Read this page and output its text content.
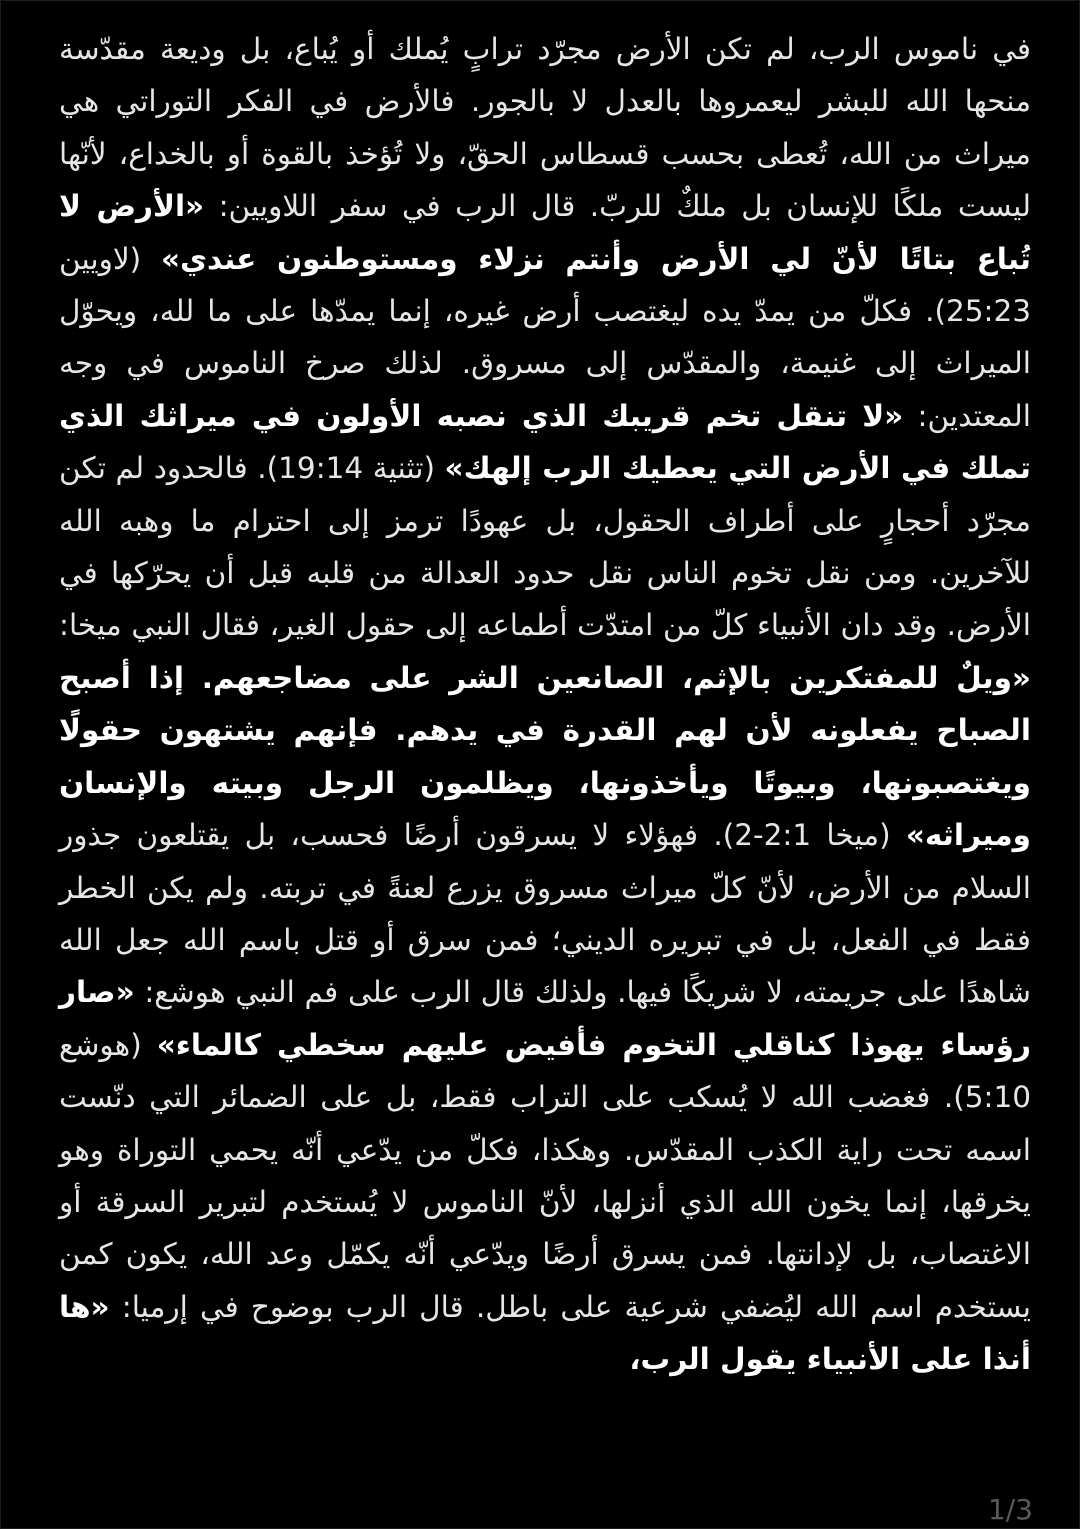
في ناموس الرب، لم تكن الأرض مجرّد ترابٍ يُملك أو يُباع، بل وديعة مقدّسة منحها الله للبشر ليعمروها بالعدل لا بالجور. فالأرض في الفكر التوراتي هي ميراث من الله، تُعطى بحسب قسطاس الحقّ، ولا تُؤخذ بالقوة أو بالخداع، لأنّها ليست ملكًا للإنسان بل ملكٌ للربّ. قال الرب في سفر اللاويين: «الأرض لا تُباع بتاتًا لأنّ لي الأرض وأنتم نزلاء ومستوطنون عندي» (لاويين 25:23). فكلّ من يمدّ يده ليغتصب أرض غيره، إنما يمدّها على ما لله، ويحوّل الميراث إلى غنيمة، والمقدّس إلى مسروق. لذلك صرخ الناموس في وجه المعتدين: «لا تنقل تخم قريبك الذي نصبه الأولون في ميراثك الذي تملك في الأرض التي يعطيك الرب إلهك» (تثنية 19:14). فالحدود لم تكن مجرّد أحجارٍ على أطراف الحقول، بل عهودًا ترمز إلى احترام ما وهبه الله للآخرين. ومن نقل تخوم الناس نقل حدود العدالة من قلبه قبل أن يحرّكها في الأرض. وقد دان الأنبياء كلّ من امتدّت أطماعه إلى حقول الغير، فقال النبي ميخا: «ويلٌ للمفتكرين بالإثم، الصانعين الشر على مضاجعهم. إذا أصبح الصباح يفعلونه لأن لهم القدرة في يدهم. فإنهم يشتهون حقولًا ويغتصبونها، وبيوتًا ويأخذونها، ويظلمون الرجل وبيته والإنسان وميراثه» (ميخا 2:1-2). فهؤلاء لا يسرقون أرضًا فحسب، بل يقتلعون جذور السلام من الأرض، لأنّ كلّ ميراث مسروق يزرع لعنةً في تربته. ولم يكن الخطر فقط في الفعل، بل في تبريره الديني؛ فمن سرق أو قتل باسم الله جعل الله شاهدًا على جريمته، لا شريكًا فيها. ولذلك قال الرب على فم النبي هوشع: «صار رؤساء يهوذا كناقلي التخوم فأفيض عليهم سخطي كالماء» (هوشع 5:10). فغضب الله لا يُسكب على التراب فقط، بل على الضمائر التي دنّست اسمه تحت راية الكذب المقدّس. وهكذا، فكلّ من يدّعي أنّه يحمي التوراة وهو يخرقها، إنما يخون الله الذي أنزلها، لأنّ الناموس لا يُستخدم لتبرير السرقة أو الاغتصاب، بل لإدانتها. فمن يسرق أرضًا ويدّعي أنّه يكمّل وعد الله، يكون كمن يستخدم اسم الله ليُضفي شرعية على باطل. قال الرب بوضوح في إرميا: «ها أنذا على الأنبياء يقول الرب،

1/3
